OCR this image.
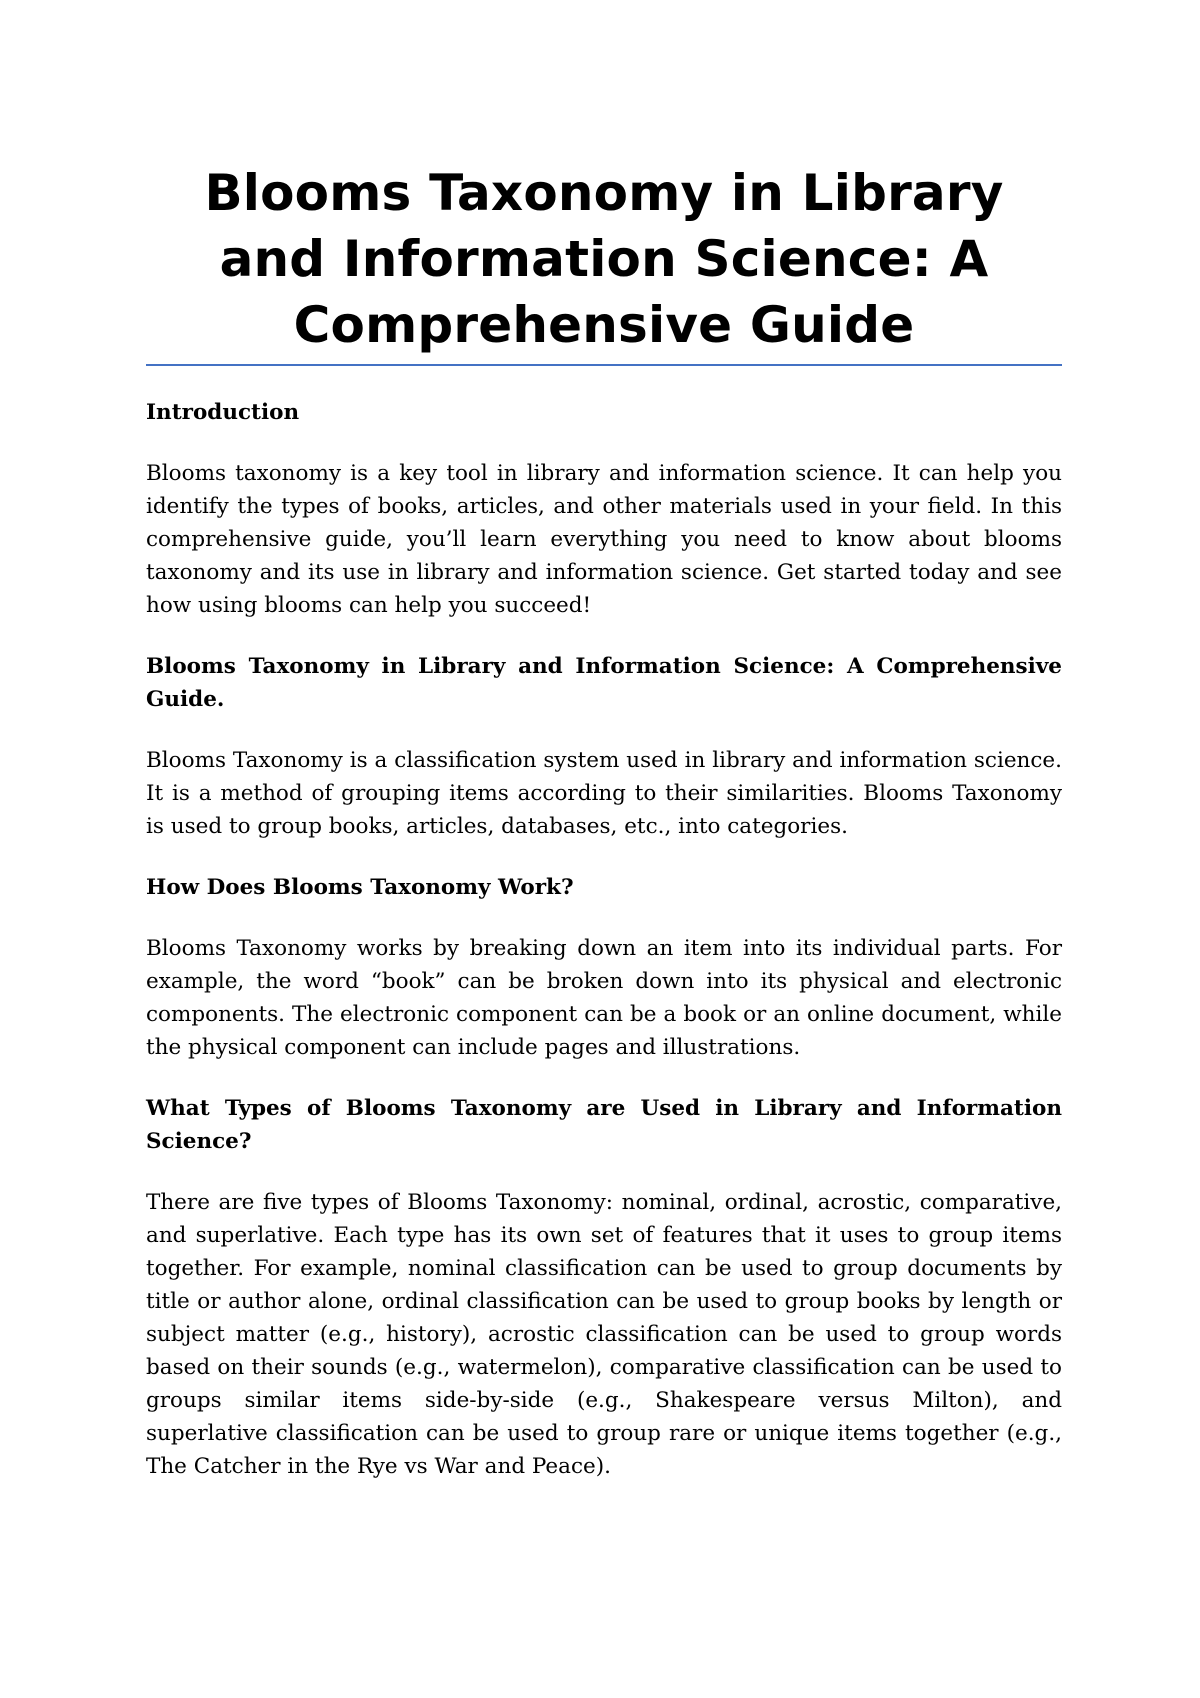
Blooms Taxonomy in Library and Information Science: A Comprehensive Guide
Introduction

Blooms taxonomy is a key tool in library and information science. It can help you identify the types of books, articles, and other materials used in your field. In this comprehensive guide, you’ll learn everything you need to know about blooms taxonomy and its use in library and information science. Get started today and see how using blooms can help you succeed!

Blooms Taxonomy in Library and Information Science: A Comprehensive Guide.

Blooms Taxonomy is a classification system used in library and information science. It is a method of grouping items according to their similarities. Blooms Taxonomy is used to group books, articles, databases, etc., into categories.

How Does Blooms Taxonomy Work?

Blooms Taxonomy works by breaking down an item into its individual parts. For example, the word “book” can be broken down into its physical and electronic components. The electronic component can be a book or an online document, while the physical component can include pages and illustrations.

What Types of Blooms Taxonomy are Used in Library and Information Science?

There are five types of Blooms Taxonomy: nominal, ordinal, acrostic, comparative, and superlative. Each type has its own set of features that it uses to group items together. For example, nominal classification can be used to group documents by title or author alone, ordinal classification can be used to group books by length or subject matter (e.g., history), acrostic classification can be used to group words based on their sounds (e.g., watermelon), comparative classification can be used to groups similar items side-by-side (e.g., Shakespeare versus Milton), and superlative classification can be used to group rare or unique items together (e.g., The Catcher in the Rye vs War and Peace).
